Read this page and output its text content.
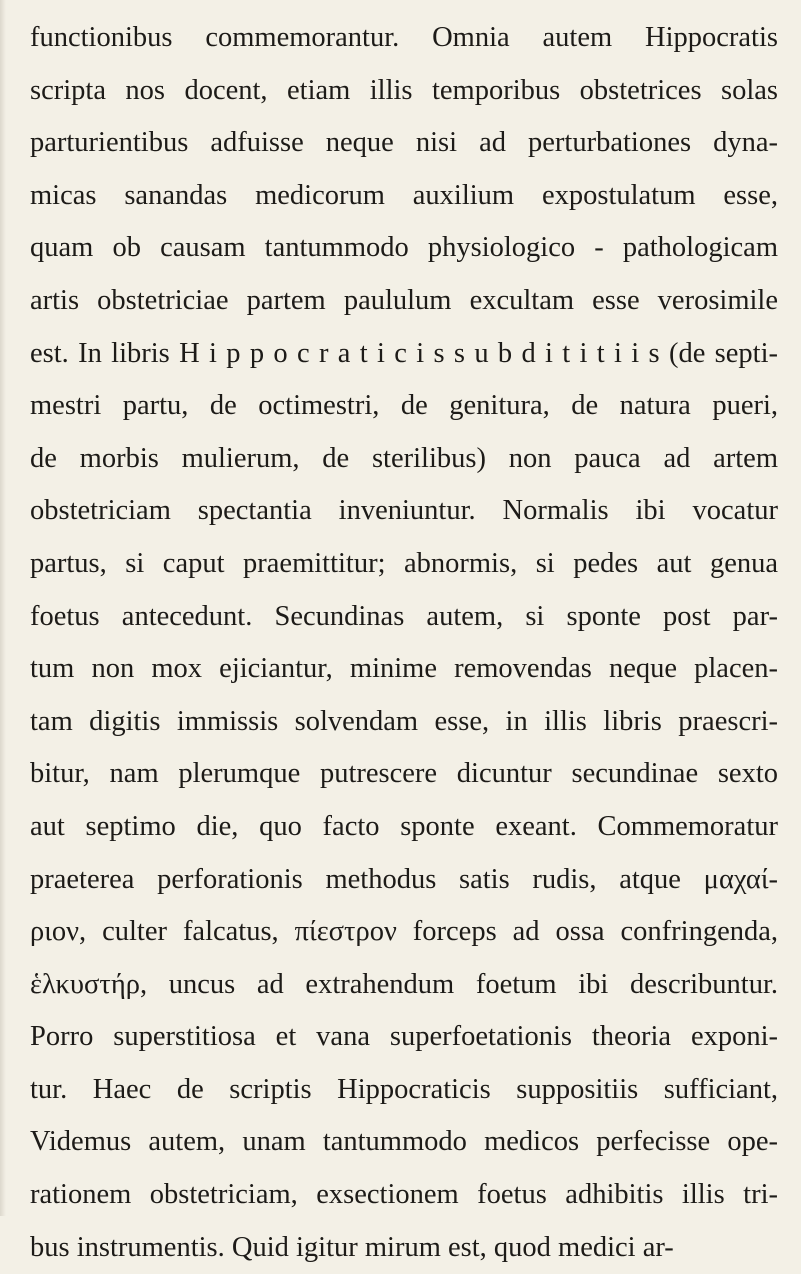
functionibus commemorantur. Omnia autem Hippocratis
scripta nos docent, etiam illis temporibus obstetrices solas
parturientibus adfuisse neque nisi ad perturbationes dyna-
micas sanandas medicorum auxilium expostulatum esse,
quam ob causam tantummodo physiologico - pathologicam
artis obstetriciae partem paululum excultam esse verosimile
est. In libris H i p p o c r a t i c i s s u b d i t i t i i s (de septi-
mestri partu, de octimestri, de genitura, de natura pueri,
de morbis mulierum, de sterilibus) non pauca ad artem
obstetriciam spectantia inveniuntur. Normalis ibi vocatur
partus, si caput praemittitur; abnormis, si pedes aut genua
foetus antecedunt. Secundinas autem, si sponte post par-
tum non mox ejiciantur, minime removendas neque placen-
tam digitis immissis solvendam esse, in illis libris praescri-
bitur, nam plerumque putrescere dicuntur secundinae sexto
aut septimo die, quo facto sponte exeant. Commemoratur
praeterea perforationis methodus satis rudis, atque μαχαί-
ριον, culter falcatus, πίεστρον forceps ad ossa confringenda,
ἑλκυστήρ, uncus ad extrahendum foetum ibi describuntur.
Porro superstitiosa et vana superfoetationis theoria exponi-
tur. Haec de scriptis Hippocraticis suppositiis sufficiant,
Videmus autem, unam tantummodo medicos perfecisse ope-
rationem obstetriciam, exsectionem foetus adhibitis illis tri-
bus instrumentis. Quid igitur mirum est, quod medici ar-
